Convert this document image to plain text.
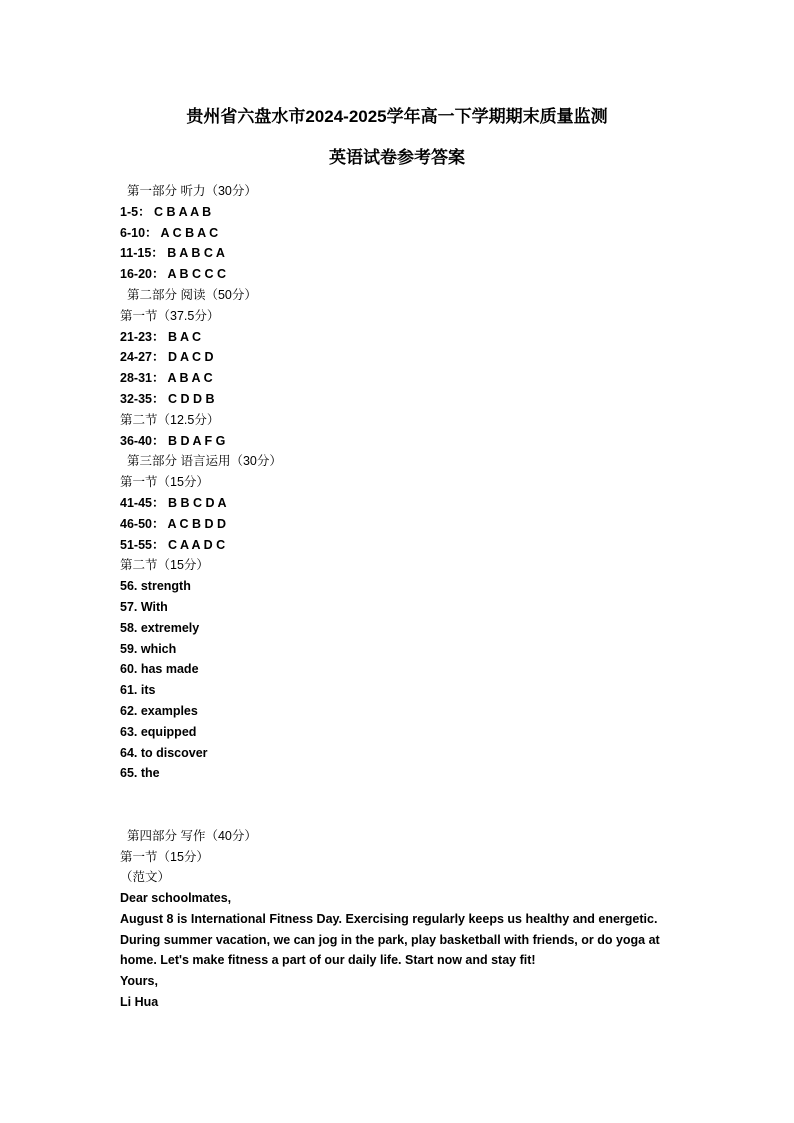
贵州省六盘水市2024-2025学年高一下学期期末质量监测
英语试卷参考答案
第一部分 听力（30分）
1-5： C B A A B
6-10： A C B A C
11-15： B A B C A
16-20： A B C C C
第二部分 阅读（50分）
第一节（37.5分）
21-23： B A C
24-27： D A C D
28-31： A B A C
32-35： C D D B
第二节（12.5分）
36-40： B D A F G
第三部分 语言运用（30分）
第一节（15分）
41-45： B B C D A
46-50： A C B D D
51-55： C A A D C
第二节（15分）
56. strength
57. With
58. extremely
59. which
60. has made
61. its
62. examples
63. equipped
64. to discover
65. the
第四部分 写作（40分）
第一节（15分）
（范文）
Dear schoolmates,
August 8 is International Fitness Day. Exercising regularly keeps us healthy and energetic. During summer vacation, we can jog in the park, play basketball with friends, or do yoga at home. Let's make fitness a part of our daily life. Start now and stay fit!
Yours,
Li Hua
